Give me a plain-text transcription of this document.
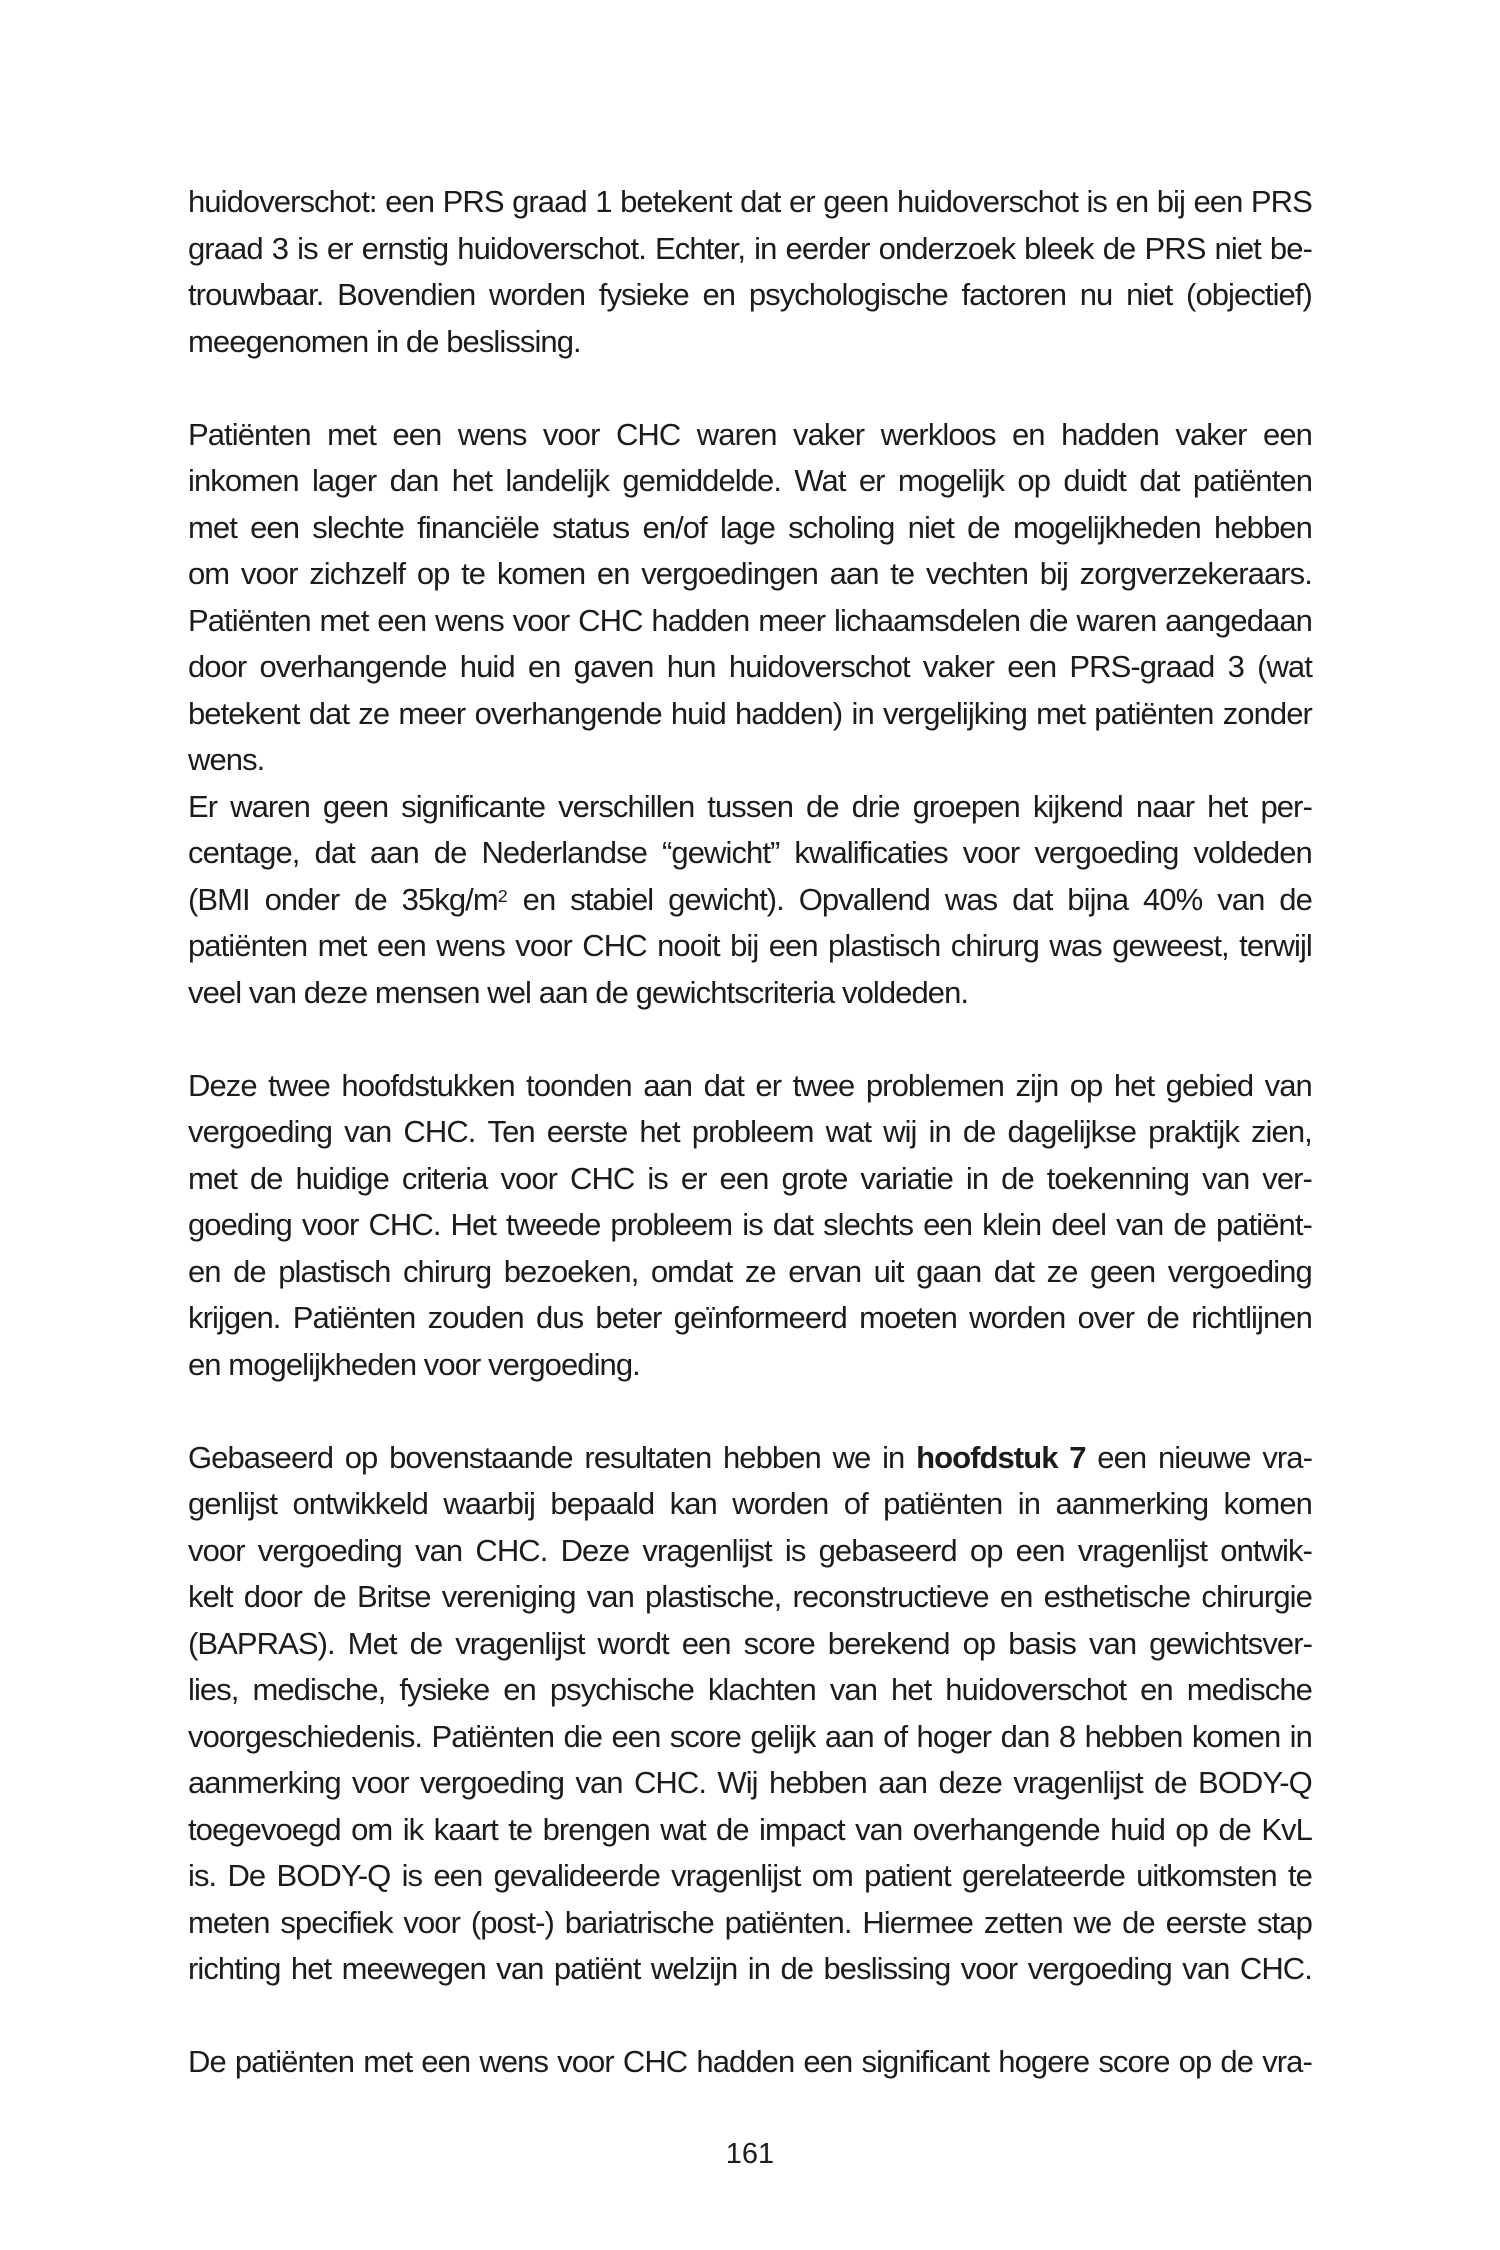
huidoverschot: een PRS graad 1 betekent dat er geen huidoverschot is en bij een PRS
graad 3 is er ernstig huidoverschot. Echter, in eerder onderzoek bleek de PRS niet be-
trouwbaar. Bovendien worden fysieke en psychologische factoren nu niet (objectief)
meegenomen in de beslissing.
Patiënten met een wens voor CHC waren vaker werkloos en hadden vaker een
inkomen lager dan het landelijk gemiddelde. Wat er mogelijk op duidt dat patiënten
met een slechte financiële status en/of lage scholing niet de mogelijkheden hebben
om voor zichzelf op te komen en vergoedingen aan te vechten bij zorgverzekeraars.
Patiënten met een wens voor CHC hadden meer lichaamsdelen die waren aangedaan
door overhangende huid en gaven hun huidoverschot vaker een PRS-graad 3 (wat
betekent dat ze meer overhangende huid hadden) in vergelijking met patiënten zonder
wens.
Er waren geen significante verschillen tussen de drie groepen kijkend naar het per-
centage, dat aan de Nederlandse “gewicht” kwalificaties voor vergoeding voldeden
(BMI onder de $35kg/m^2$ en stabiel gewicht). Opvallend was dat bijna 40% van de
patiënten met een wens voor CHC nooit bij een plastisch chirurg was geweest, terwijl
veel van deze mensen wel aan de gewichtscriteria voldeden.
Deze twee hoofdstukken toonden aan dat er twee problemen zijn op het gebied van
vergoeding van CHC. Ten eerste het probleem wat wij in de dagelijkse praktijk zien,
met de huidige criteria voor CHC is er een grote variatie in de toekenning van ver-
goeding voor CHC. Het tweede probleem is dat slechts een klein deel van de patiënt-
en de plastisch chirurg bezoeken, omdat ze ervan uit gaan dat ze geen vergoeding
krijgen. Patiënten zouden dus beter geïnformeerd moeten worden over de richtlijnen
en mogelijkheden voor vergoeding.
Gebaseerd op bovenstaande resultaten hebben we in hoofdstuk 7 een nieuwe vra-
genlijst ontwikkeld waarbij bepaald kan worden of patiënten in aanmerking komen
voor vergoeding van CHC. Deze vragenlijst is gebaseerd op een vragenlijst ontwik-
kelt door de Britse vereniging van plastische, reconstructieve en esthetische chirurgie
(BAPRAS). Met de vragenlijst wordt een score berekend op basis van gewichtsver-
lies, medische, fysieke en psychische klachten van het huidoverschot en medische
voorgeschiedenis. Patiënten die een score gelijk aan of hoger dan 8 hebben komen in
aanmerking voor vergoeding van CHC. Wij hebben aan deze vragenlijst de BODY-Q
toegevoegd om ik kaart te brengen wat de impact van overhangende huid op de KvL
is. De BODY-Q is een gevalideerde vragenlijst om patient gerelateerde uitkomsten te
meten specifiek voor (post-) bariatrische patiënten. Hiermee zetten we de eerste stap
richting het meewegen van patiënt welzijn in de beslissing voor vergoeding van CHC.
De patiënten met een wens voor CHC hadden een significant hogere score op de vra-
161
